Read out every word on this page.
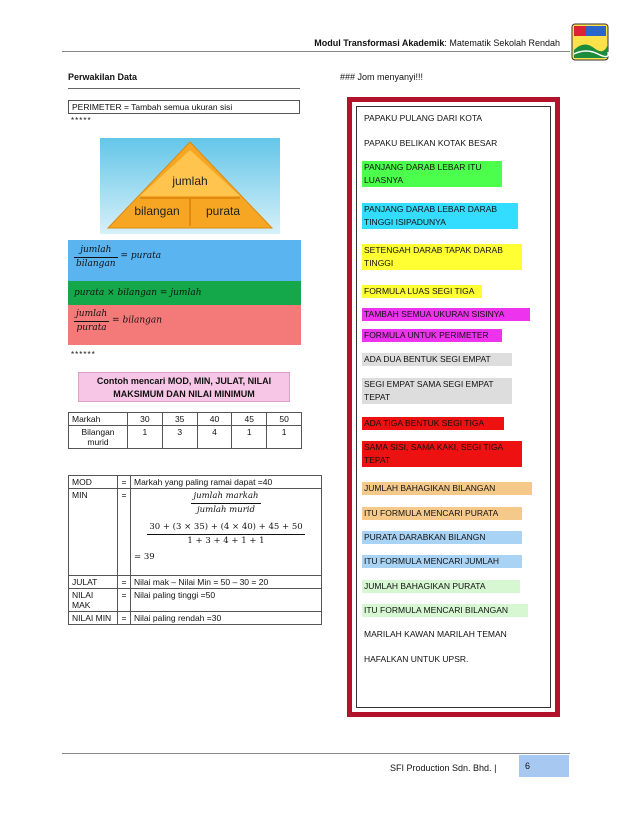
Modul Transformasi Akademik: Matematik Sekolah Rendah
Perwakilan Data
PERIMETER = Tambah semua ukuran sisi
*****
jumlah
bilangan	purata
$\frac{\text{jumlah}}{\text{bilangan}}$ = purata
purata × bilangan = jumlah
$\frac{\text{jumlah}}{\text{purata}}$ = bilangan
******
Contoh mencari MOD, MIN, JULAT, NILAI MAKSIMUM DAN NILAI MINIMUM
Markah	30	35	40	45	50
Bilangan murid	1	3	4	1	1
MOD	=	Markah yang paling ramai dapat =40
MIN	=	$\frac{\text{jumlah markah}}{\text{jumlah murid}}$
$\frac{30 + (3 \times 35) + (4 \times 40) + 45 + 50}{1 + 3 + 4 + 1 + 1}$
= 39

JULAT	=	Nilai mak – Nilai Min = 50 – 30 = 20
NILAI MAK	=	Nilai paling tinggi =50
NILAI MIN	=	Nilai paling rendah =30
### Jom menyanyi!!!
PAPAKU PULANG DARI KOTA
PAPAKU BELIKAN KOTAK BESAR
PANJANG DARAB LEBAR ITU LUASNYA
PANJANG DARAB LEBAR DARAB TINGGI ISIPADUNYA
SETENGAH DARAB TAPAK DARAB TINGGI
FORMULA LUAS SEGI TIGA
TAMBAH SEMUA UKURAN SISINYA
FORMULA UNTUK PERIMETER
ADA DUA BENTUK SEGI EMPAT
SEGI EMPAT SAMA SEGI EMPAT TEPAT
ADA TIGA BENTUK SEGI TIGA
SAMA SISI, SAMA KAKI, SEGI TIGA TEPAT
JUMLAH BAHAGIKAN BILANGAN
ITU FORMULA MENCARI PURATA
PURATA DARABKAN BILANGN
ITU FORMULA MENCARI JUMLAH
JUMLAH BAHAGIKAN PURATA
ITU FORMULA MENCARI BILANGAN
MARILAH KAWAN MARILAH TEMAN
HAFALKAN UNTUK UPSR.
SFI Production Sdn. Bhd. |	6
